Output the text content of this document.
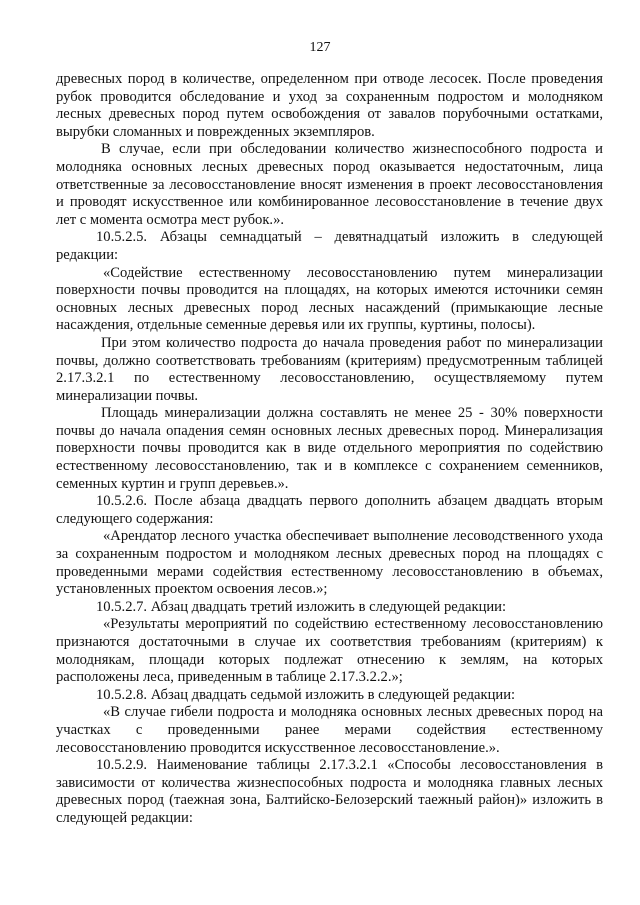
127

древесных пород в количестве, определенном при отводе лесосек. После проведения рубок проводится обследование и уход за сохраненным подростом и молодняком лесных древесных пород путем освобождения от завалов порубочными остатками, вырубки сломанных и поврежденных экземпляров.

В случае, если при обследовании количество жизнеспособного подроста и молодняка основных лесных древесных пород оказывается недостаточным, лица ответственные за лесовосстановление вносят изменения в проект лесовосстановления и проводят искусственное или комбинированное лесовосстановление в течение двух лет с момента осмотра мест рубок.».

10.5.2.5. Абзацы семнадцатый – девятнадцатый изложить в следующей редакции:

«Содействие естественному лесовосстановлению путем минерализации поверхности почвы проводится на площадях, на которых имеются источники семян основных лесных древесных пород лесных насаждений (примыкающие лесные насаждения, отдельные семенные деревья или их группы, куртины, полосы).

При этом количество подроста до начала проведения работ по минерализации почвы, должно соответствовать требованиям (критериям) предусмотренным таблицей 2.17.3.2.1 по естественному лесовосстановлению, осуществляемому путем минерализации почвы.

Площадь минерализации должна составлять не менее 25 - 30% поверхности почвы до начала опадения семян основных лесных древесных пород. Минерализация поверхности почвы проводится как в виде отдельного мероприятия по содействию естественному лесовосстановлению, так и в комплексе с сохранением семенников, семенных куртин и групп деревьев.».

10.5.2.6. После абзаца двадцать первого дополнить абзацем двадцать вторым следующего содержания:

«Арендатор лесного участка обеспечивает выполнение лесоводственного ухода за сохраненным подростом и молодняком лесных древесных пород на площадях с проведенными мерами содействия естественному лесовосстановлению в объемах, установленных проектом освоения лесов.»;

10.5.2.7. Абзац двадцать третий изложить в следующей редакции:

«Результаты мероприятий по содействию естественному лесовосстановлению признаются достаточными в случае их соответствия требованиям (критериям) к молоднякам, площади которых подлежат отнесению к землям, на которых расположены леса, приведенным в таблице 2.17.3.2.2.»;

10.5.2.8. Абзац двадцать седьмой изложить в следующей редакции:

«В случае гибели подроста и молодняка основных лесных древесных пород на участках с проведенными ранее мерами содействия естественному лесовосстановлению проводится искусственное лесовосстановление.».

10.5.2.9. Наименование таблицы 2.17.3.2.1 «Способы лесовосстановления в зависимости от количества жизнеспособных подроста и молодняка главных лесных древесных пород (таежная зона, Балтийско-Белозерский таежный район)» изложить в следующей редакции:
